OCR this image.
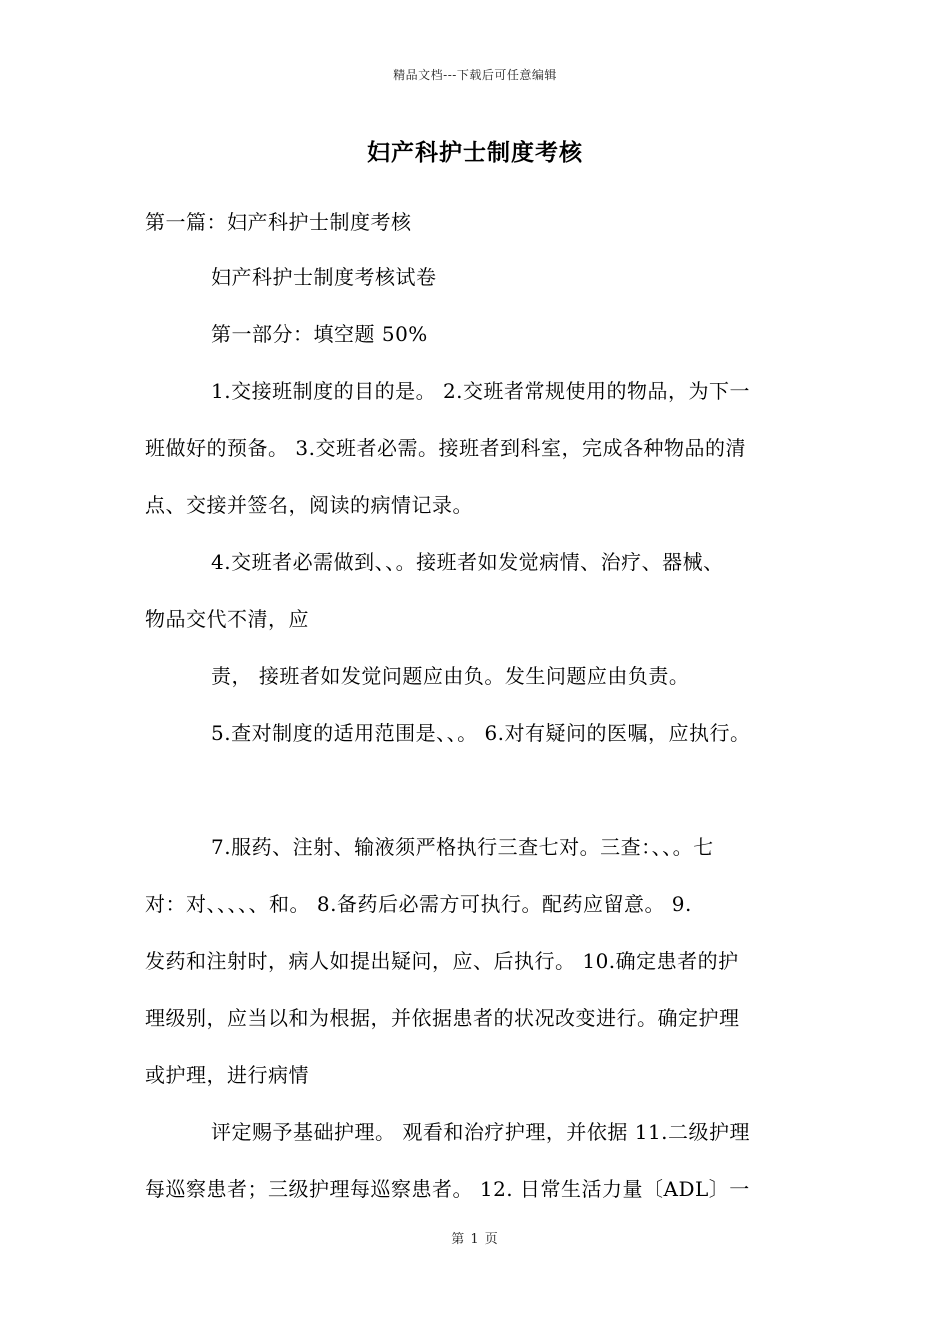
精品文档---下载后可任意编辑
妇产科护士制度考核
第一篇：妇产科护士制度考核

妇产科护士制度考核试卷

第一部分：填空题 50%

1.交接班制度的目的是。 2.交班者常规使用的物品，为下一

班做好的预备。 3.交班者必需。接班者到科室，完成各种物品的清

点、交接并签名，阅读的病情记录。

4.交班者必需做到、、。接班者如发觉病情、治疗、器械、

物品交代不清，应

责， 接班者如发觉问题应由负。发生问题应由负责。

5.查对制度的适用范围是、、。 6.对有疑问的医嘱，应执行。

7.服药、注射、输液须严格执行三查七对。三查：、、。七

对：对、、、、、和。 8.备药后必需方可执行。配药应留意。 9.

发药和注射时，病人如提出疑问，应、后执行。 10.确定患者的护

理级别，应当以和为根据，并依据患者的状况改变进行。确定护理

或护理，进行病情

评定赐予基础护理。 观看和治疗护理，并依据 11.二级护理

每巡察患者；三级护理每巡察患者。 12. 日常生活力量〔ADL〕一

第 1 页
